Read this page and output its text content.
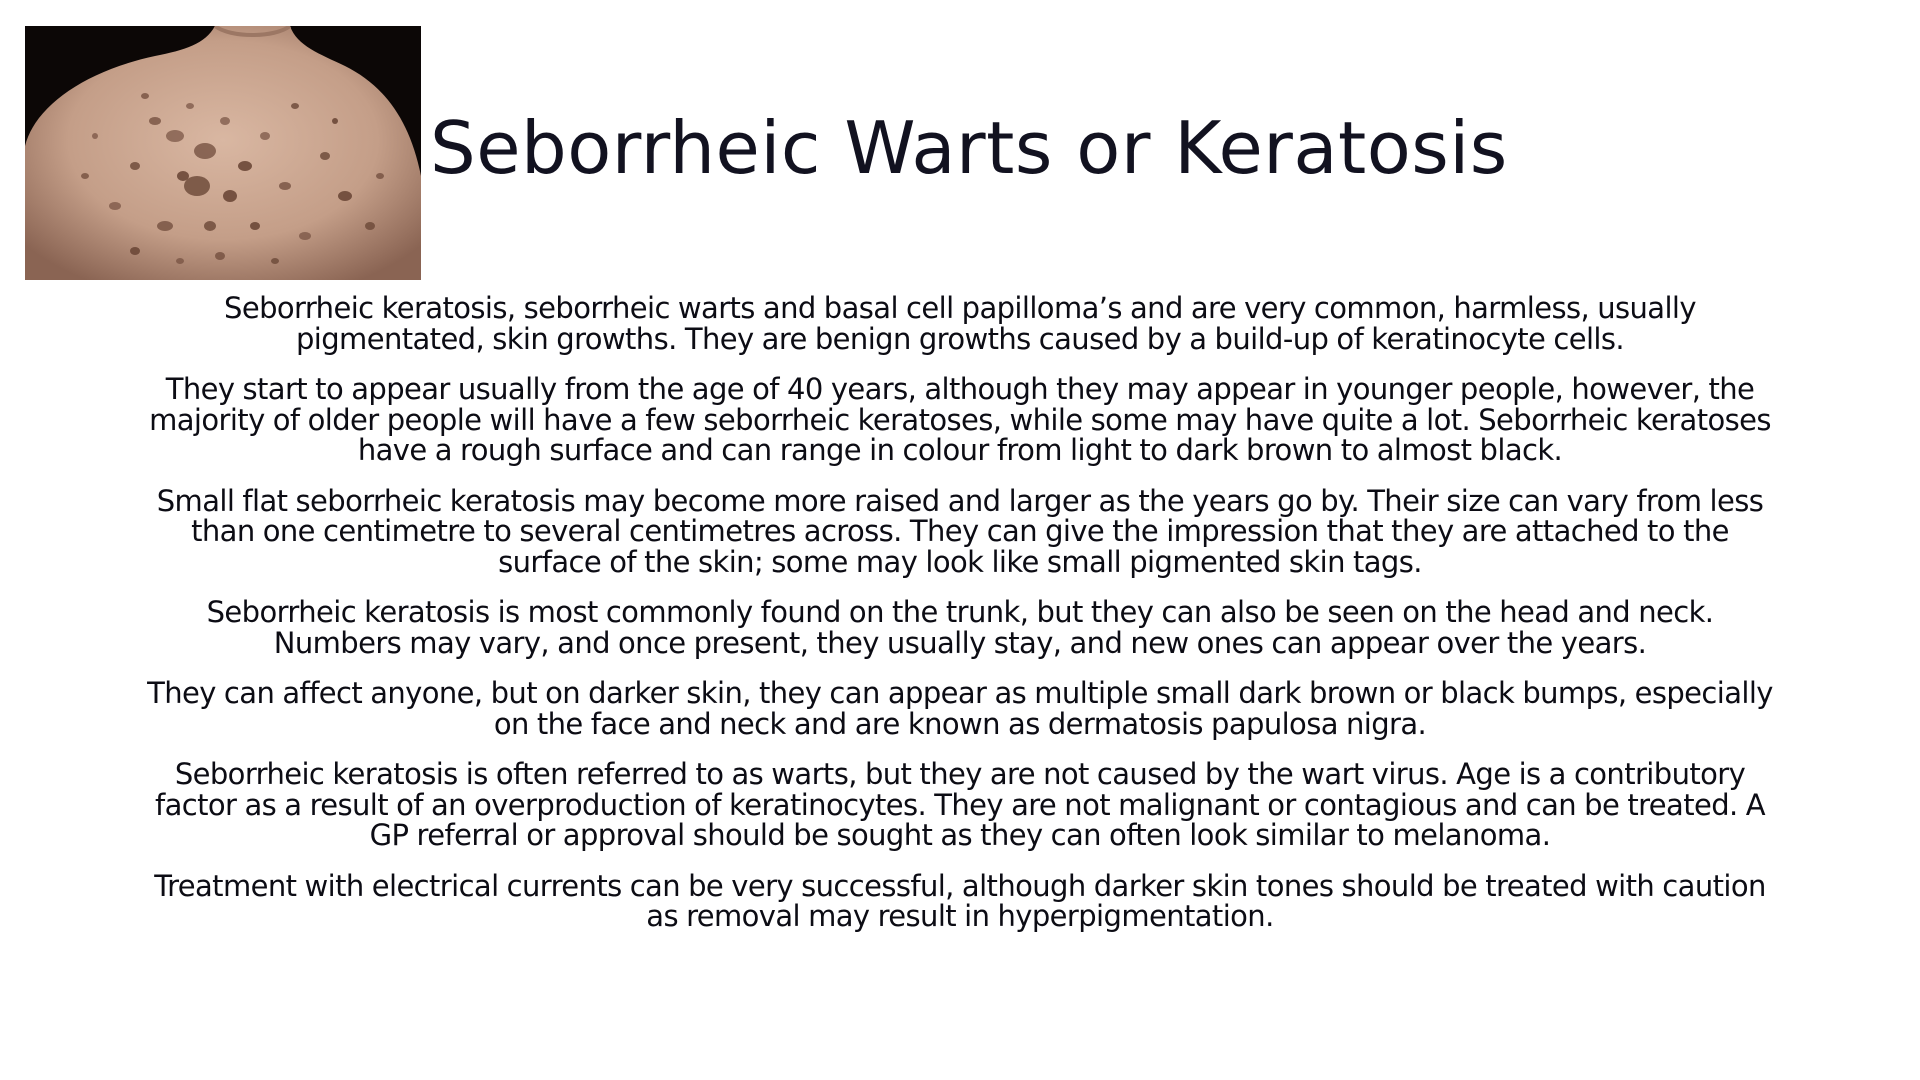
Seborrheic Warts or Keratosis

Seborrheic keratosis, seborrheic warts and basal cell papilloma’s and are very common, harmless, usually pigmentated, skin growths. They are benign growths caused by a build-up of keratinocyte cells.

They start to appear usually from the age of 40 years, although they may appear in younger people, however, the majority of older people will have a few seborrheic keratoses, while some may have quite a lot. Seborrheic keratoses have a rough surface and can range in colour from light to dark brown to almost black.

Small flat seborrheic keratosis may become more raised and larger as the years go by. Their size can vary from less than one centimetre to several centimetres across. They can give the impression that they are attached to the surface of the skin; some may look like small pigmented skin tags.

Seborrheic keratosis is most commonly found on the trunk, but they can also be seen on the head and neck. Numbers may vary, and once present, they usually stay, and new ones can appear over the years.

They can affect anyone, but on darker skin, they can appear as multiple small dark brown or black bumps, especially on the face and neck and are known as dermatosis papulosa nigra.

Seborrheic keratosis is often referred to as warts, but they are not caused by the wart virus. Age is a contributory factor as a result of an overproduction of keratinocytes. They are not malignant or contagious and can be treated. A GP referral or approval should be sought as they can often look similar to melanoma.

Treatment with electrical currents can be very successful, although darker skin tones should be treated with caution as removal may result in hyperpigmentation.
